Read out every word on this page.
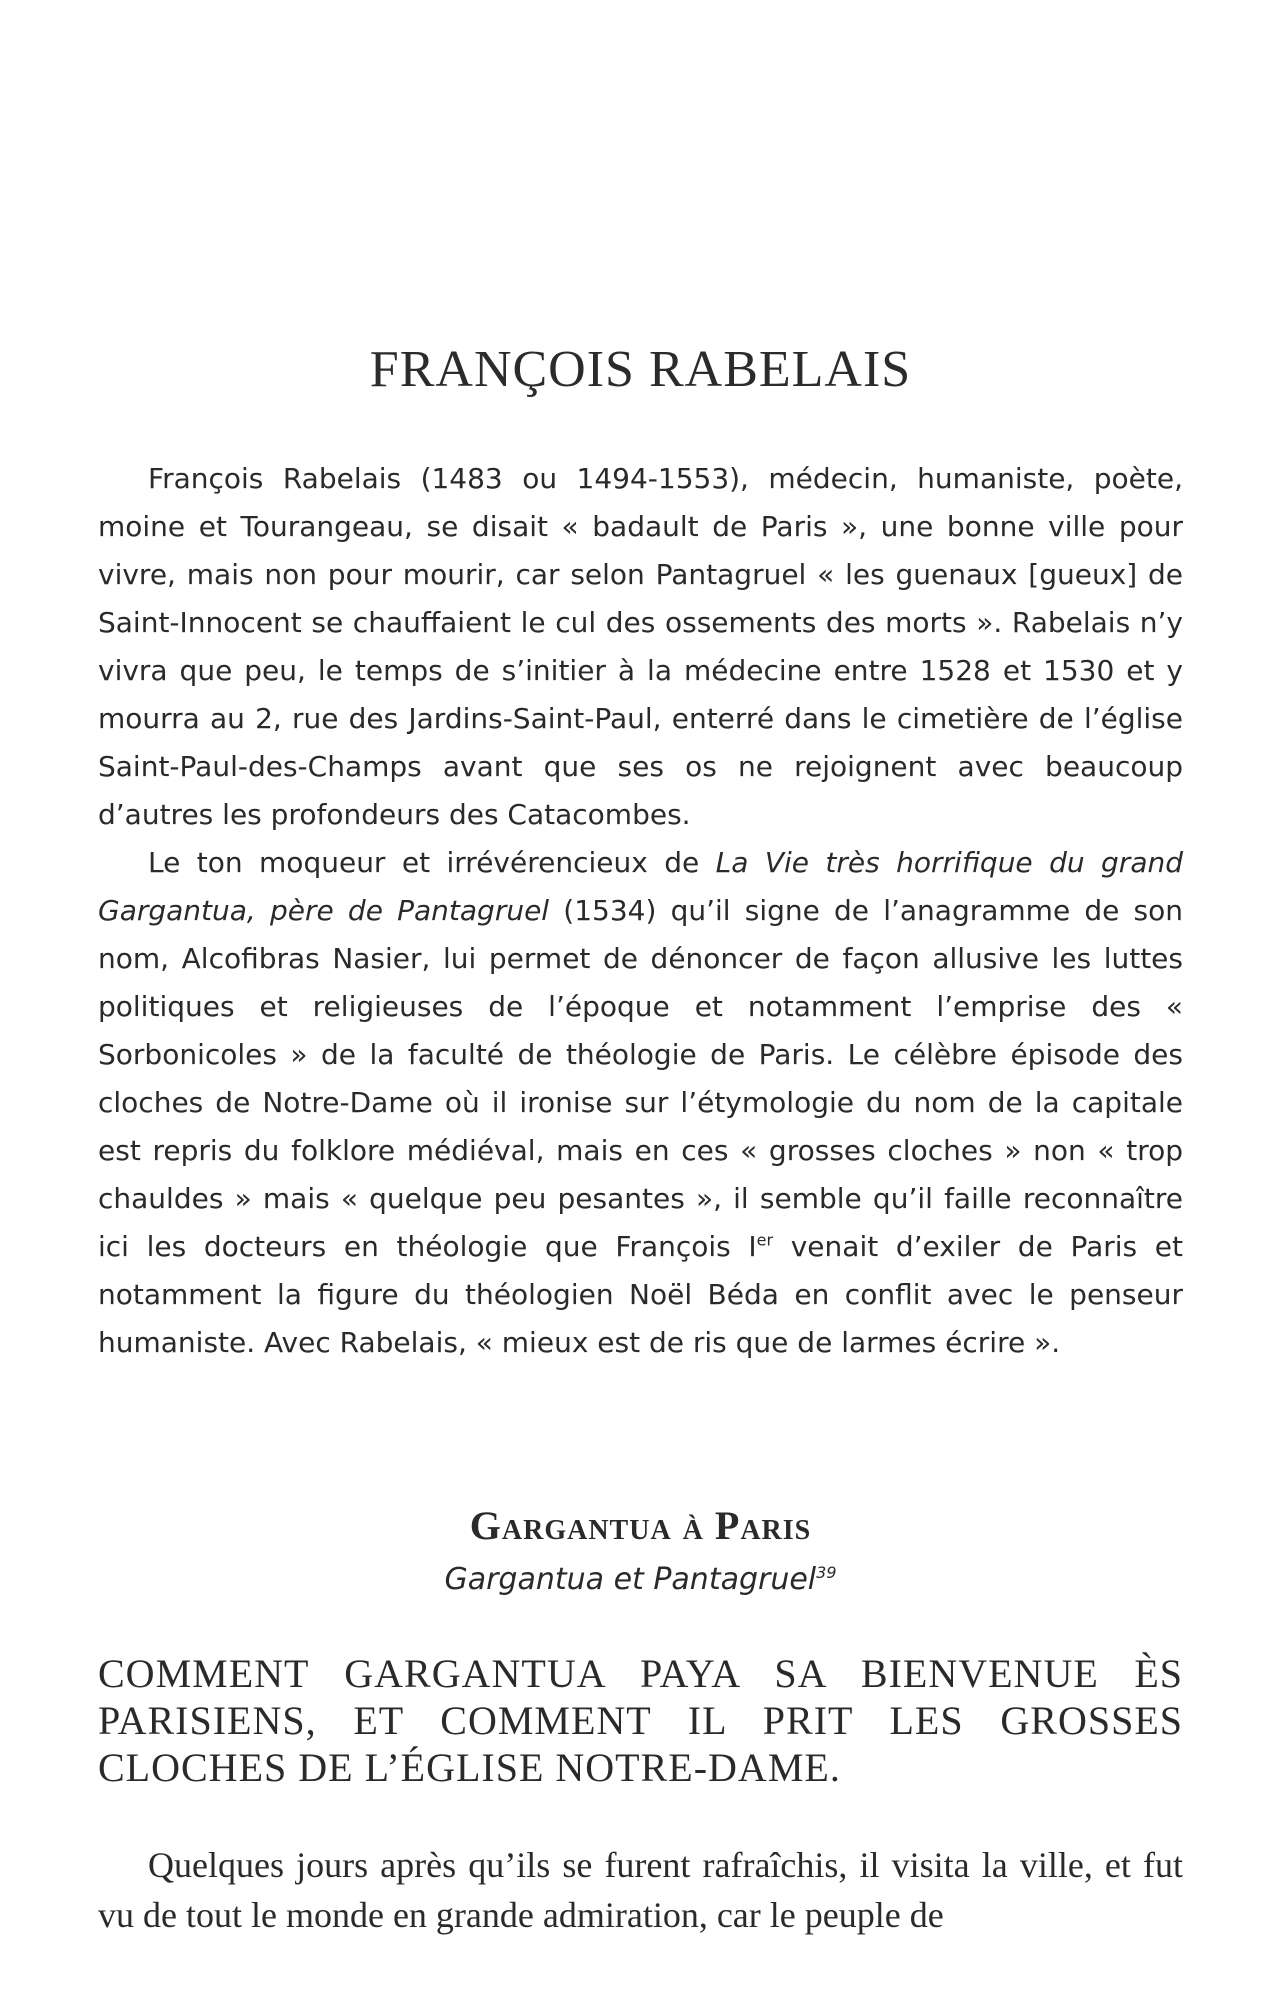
FRANÇOIS RABELAIS

François Rabelais (1483 ou 1494-1553), médecin, humaniste, poète, moine et Tourangeau, se disait « badault de Paris », une bonne ville pour vivre, mais non pour mourir, car selon Pantagruel « les guenaux [gueux] de Saint-Innocent se chauffaient le cul des ossements des morts ». Rabelais n’y vivra que peu, le temps de s’initier à la médecine entre 1528 et 1530 et y mourra au 2, rue des Jardins-Saint-Paul, enterré dans le cimetière de l’église Saint-Paul-des-Champs avant que ses os ne rejoignent avec beaucoup d’autres les profondeurs des Catacombes.

Le ton moqueur et irrévérencieux de La Vie très horrifique du grand Gargantua, père de Pantagruel (1534) qu’il signe de l’anagramme de son nom, Alcofibras Nasier, lui permet de dénoncer de façon allusive les luttes politiques et religieuses de l’époque et notamment l’emprise des « Sorbonicoles » de la faculté de théologie de Paris. Le célèbre épisode des cloches de Notre-Dame où il ironise sur l’étymologie du nom de la capitale est repris du folklore médiéval, mais en ces « grosses cloches » non « trop chauldes » mais « quelque peu pesantes », il semble qu’il faille reconnaître ici les docteurs en théologie que François Ier venait d’exiler de Paris et notamment la figure du théologien Noël Béda en conflit avec le penseur humaniste. Avec Rabelais, « mieux est de ris que de larmes écrire ».

Gargantua à Paris
Gargantua et Pantagruel$^{39}$
COMMENT GARGANTUA PAYA SA BIENVENUE ÈS PARISIENS, ET COMMENT IL PRIT LES GROSSES CLOCHES DE L’ÉGLISE NOTRE-DAME.

Quelques jours après qu’ils se furent rafraîchis, il visita la ville, et fut vu de tout le monde en grande admiration, car le peuple de
